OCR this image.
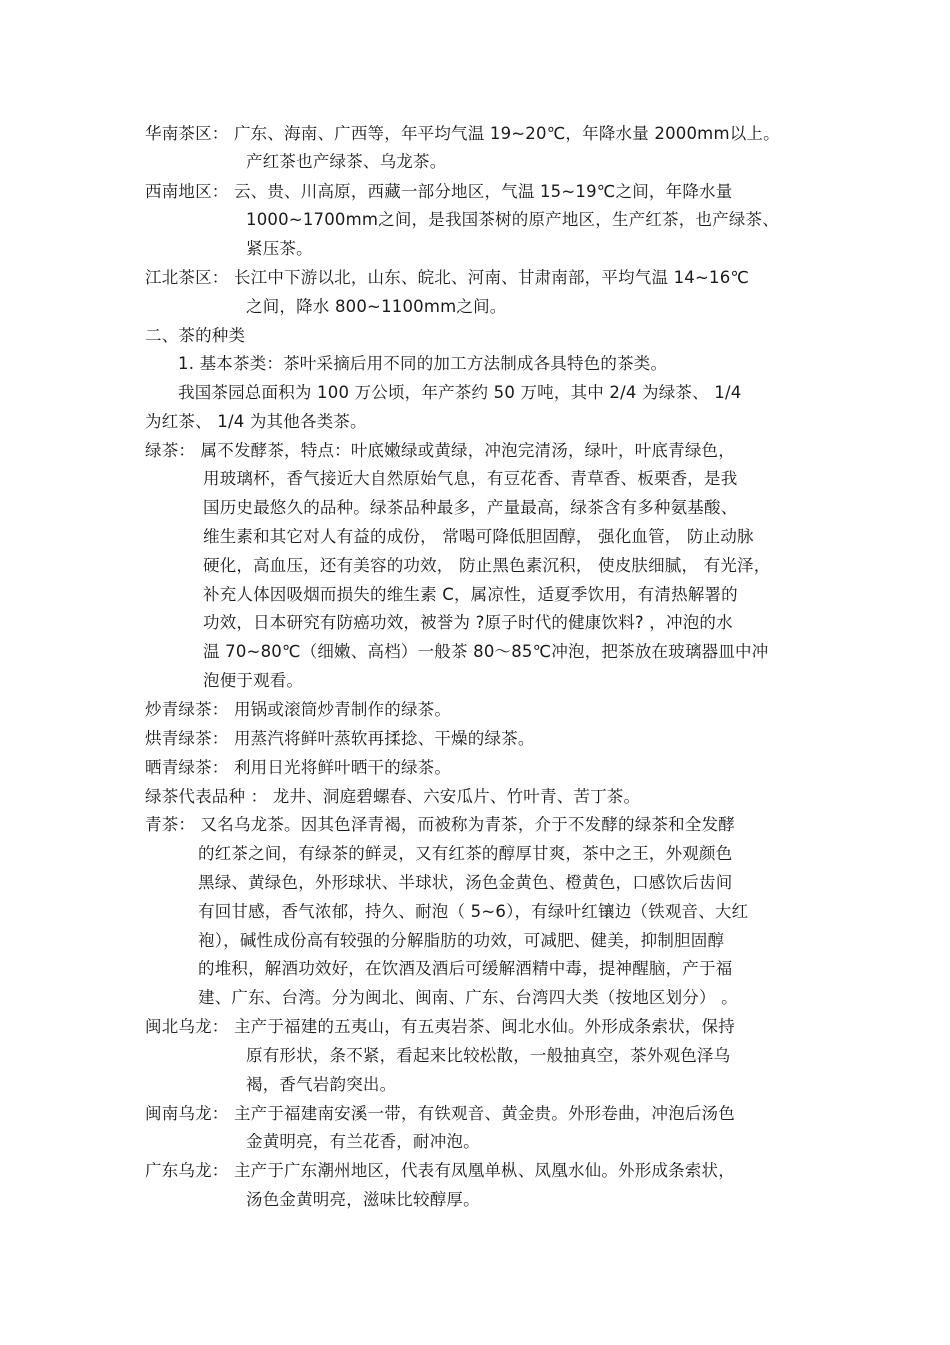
华南茶区： 广东、海南、广西等，年平均气温 19~20℃，年降水量 2000mm以上。
产红茶也产绿茶、乌龙茶。
西南地区： 云、贵、川高原，西藏一部分地区，气温 15~19℃之间，年降水量
1000~1700mm之间，是我国茶树的原产地区，生产红茶，也产绿茶、
紧压茶。
江北茶区： 长江中下游以北，山东、皖北、河南、甘肃南部，平均气温 14~16℃
之间，降水 800~1100mm之间。
二、茶的种类
1. 基本茶类：茶叶采摘后用不同的加工方法制成各具特色的茶类。
我国茶园总面积为 100 万公顷，年产茶约 50 万吨，其中 2/4 为绿茶、 1/4
为红茶、 1/4 为其他各类茶。
绿茶： 属不发酵茶，特点：叶底嫩绿或黄绿，冲泡完清汤，绿叶，叶底青绿色，
用玻璃杯，香气接近大自然原始气息，有豆花香、青草香、板栗香，是我
国历史最悠久的品种。绿茶品种最多，产量最高，绿茶含有多种氨基酸、
维生素和其它对人有益的成份， 常喝可降低胆固醇， 强化血管， 防止动脉
硬化，高血压，还有美容的功效， 防止黑色素沉积， 使皮肤细腻， 有光泽，
补充人体因吸烟而损失的维生素 C，属凉性，适夏季饮用，有清热解署的
功效，日本研究有防癌功效，被誉为 ?原子时代的健康饮料? ，冲泡的水
温 70~80℃（细嫩、高档）一般茶 80～85℃冲泡，把茶放在玻璃器皿中冲
泡便于观看。
炒青绿茶： 用锅或滚筒炒青制作的绿茶。
烘青绿茶： 用蒸汽将鲜叶蒸软再揉捻、干燥的绿茶。
晒青绿茶： 利用日光将鲜叶晒干的绿茶。
绿茶代表品种 ： 龙井、洞庭碧螺春、六安瓜片、竹叶青、苦丁茶。
青茶： 又名乌龙茶。因其色泽青褐，而被称为青茶，介于不发酵的绿茶和全发酵
的红茶之间，有绿茶的鲜灵，又有红茶的醇厚甘爽，茶中之王，外观颜色
黑绿、黄绿色，外形球状、半球状，汤色金黄色、橙黄色，口感饮后齿间
有回甘感，香气浓郁，持久、耐泡（ 5~6），有绿叶红镶边（铁观音、大红
袍），碱性成份高有较强的分解脂肪的功效，可减肥、健美，抑制胆固醇
的堆积，解酒功效好，在饮酒及酒后可缓解酒精中毒，提神醒脑，产于福
建、广东、台湾。分为闽北、闽南、广东、台湾四大类（按地区划分） 。
闽北乌龙： 主产于福建的五夷山，有五夷岩茶、闽北水仙。外形成条索状，保持
原有形状，条不紧，看起来比较松散，一般抽真空，茶外观色泽乌
褐，香气岩韵突出。
闽南乌龙： 主产于福建南安溪一带，有铁观音、黄金贵。外形卷曲，冲泡后汤色
金黄明亮，有兰花香，耐冲泡。
广东乌龙： 主产于广东潮州地区，代表有凤凰单枞、凤凰水仙。外形成条索状，
汤色金黄明亮，滋味比较醇厚。
